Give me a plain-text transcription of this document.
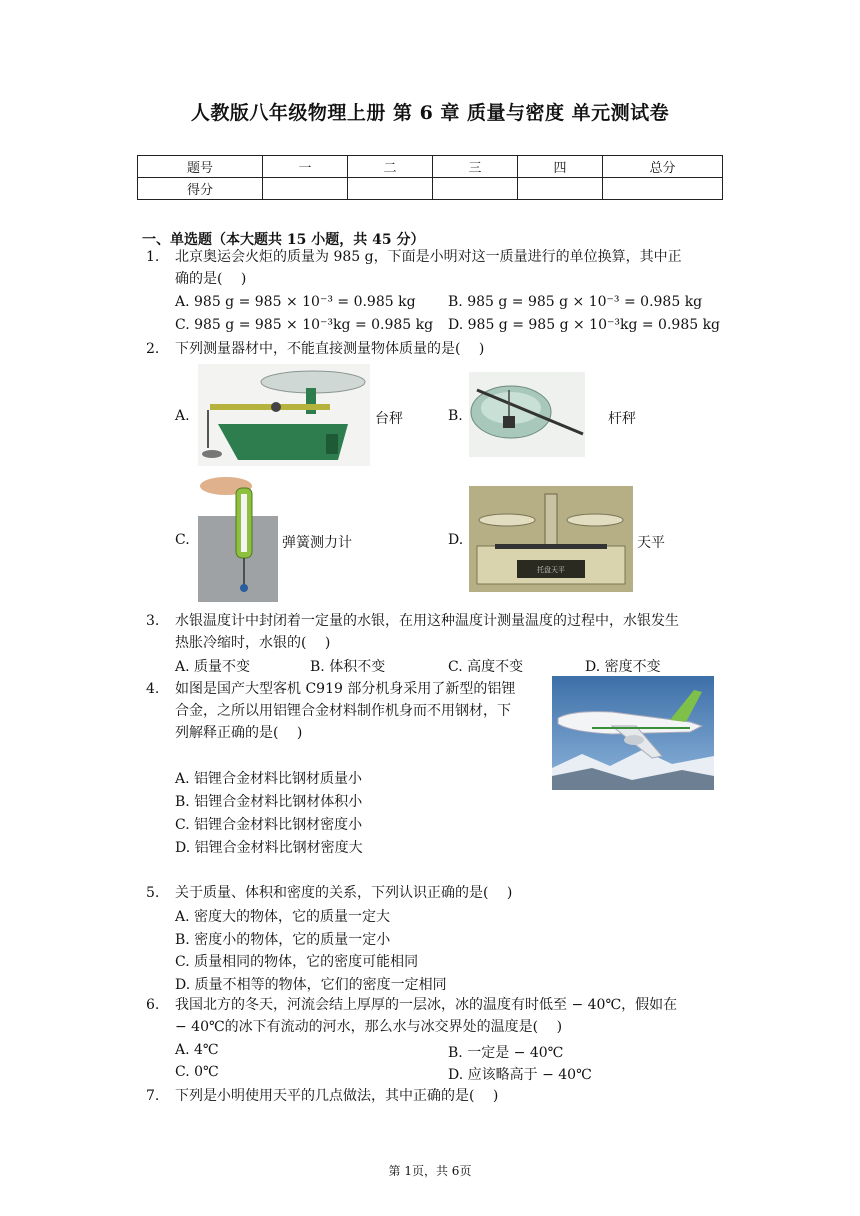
人教版八年级物理上册 第 6 章 质量与密度 单元测试卷
题号	一	二	三	四	总分
得分					
一、单选题（本大题共 15 小题，共 45 分）
1. 北京奥运会火炬的质量为 985 g，下面是小明对这一质量进行的单位换算，其中正
确的是(　 )
A. 985 g = 985 × 10⁻³ = 0.985 kg B. 985 g = 985 g × 10⁻³ = 0.985 kg
C. 985 g = 985 × 10⁻³kg = 0.985 kg D. 985 g = 985 g × 10⁻³kg = 0.985 kg
2. 下列测量器材中，不能直接测量物体质量的是(　 )
A.	台秤	B.	杆秤
C.	弹簧测力计	D.
托盘天平
天平
3. 水银温度计中封闭着一定量的水银，在用这种温度计测量温度的过程中，水银发生
热胀冷缩时，水银的(　 )
A. 质量不变	B. 体积不变	C. 高度不变	D. 密度不变
4. 如图是国产大型客机 C919 部分机身采用了新型的铝锂
合金，之所以用铝锂合金材料制作机身而不用钢材，下
列解释正确的是(　 )
A. 铝锂合金材料比钢材质量小
B. 铝锂合金材料比钢材体积小
C. 铝锂合金材料比钢材密度小
D. 铝锂合金材料比钢材密度大
5. 关于质量、体积和密度的关系，下列认识正确的是(　 )
A. 密度大的物体，它的质量一定大
B. 密度小的物体，它的质量一定小
C. 质量相同的物体，它的密度可能相同
D. 质量不相等的物体，它们的密度一定相同
6. 我国北方的冬天，河流会结上厚厚的一层冰，冰的温度有时低至 − 40℃，假如在
− 40℃的冰下有流动的河水，那么水与冰交界处的温度是(　 )
A. 4℃	B. 一定是 − 40℃
C. 0℃	D. 应该略高于 − 40℃
7. 下列是小明使用天平的几点做法，其中正确的是(　 )
第 1页，共 6页
